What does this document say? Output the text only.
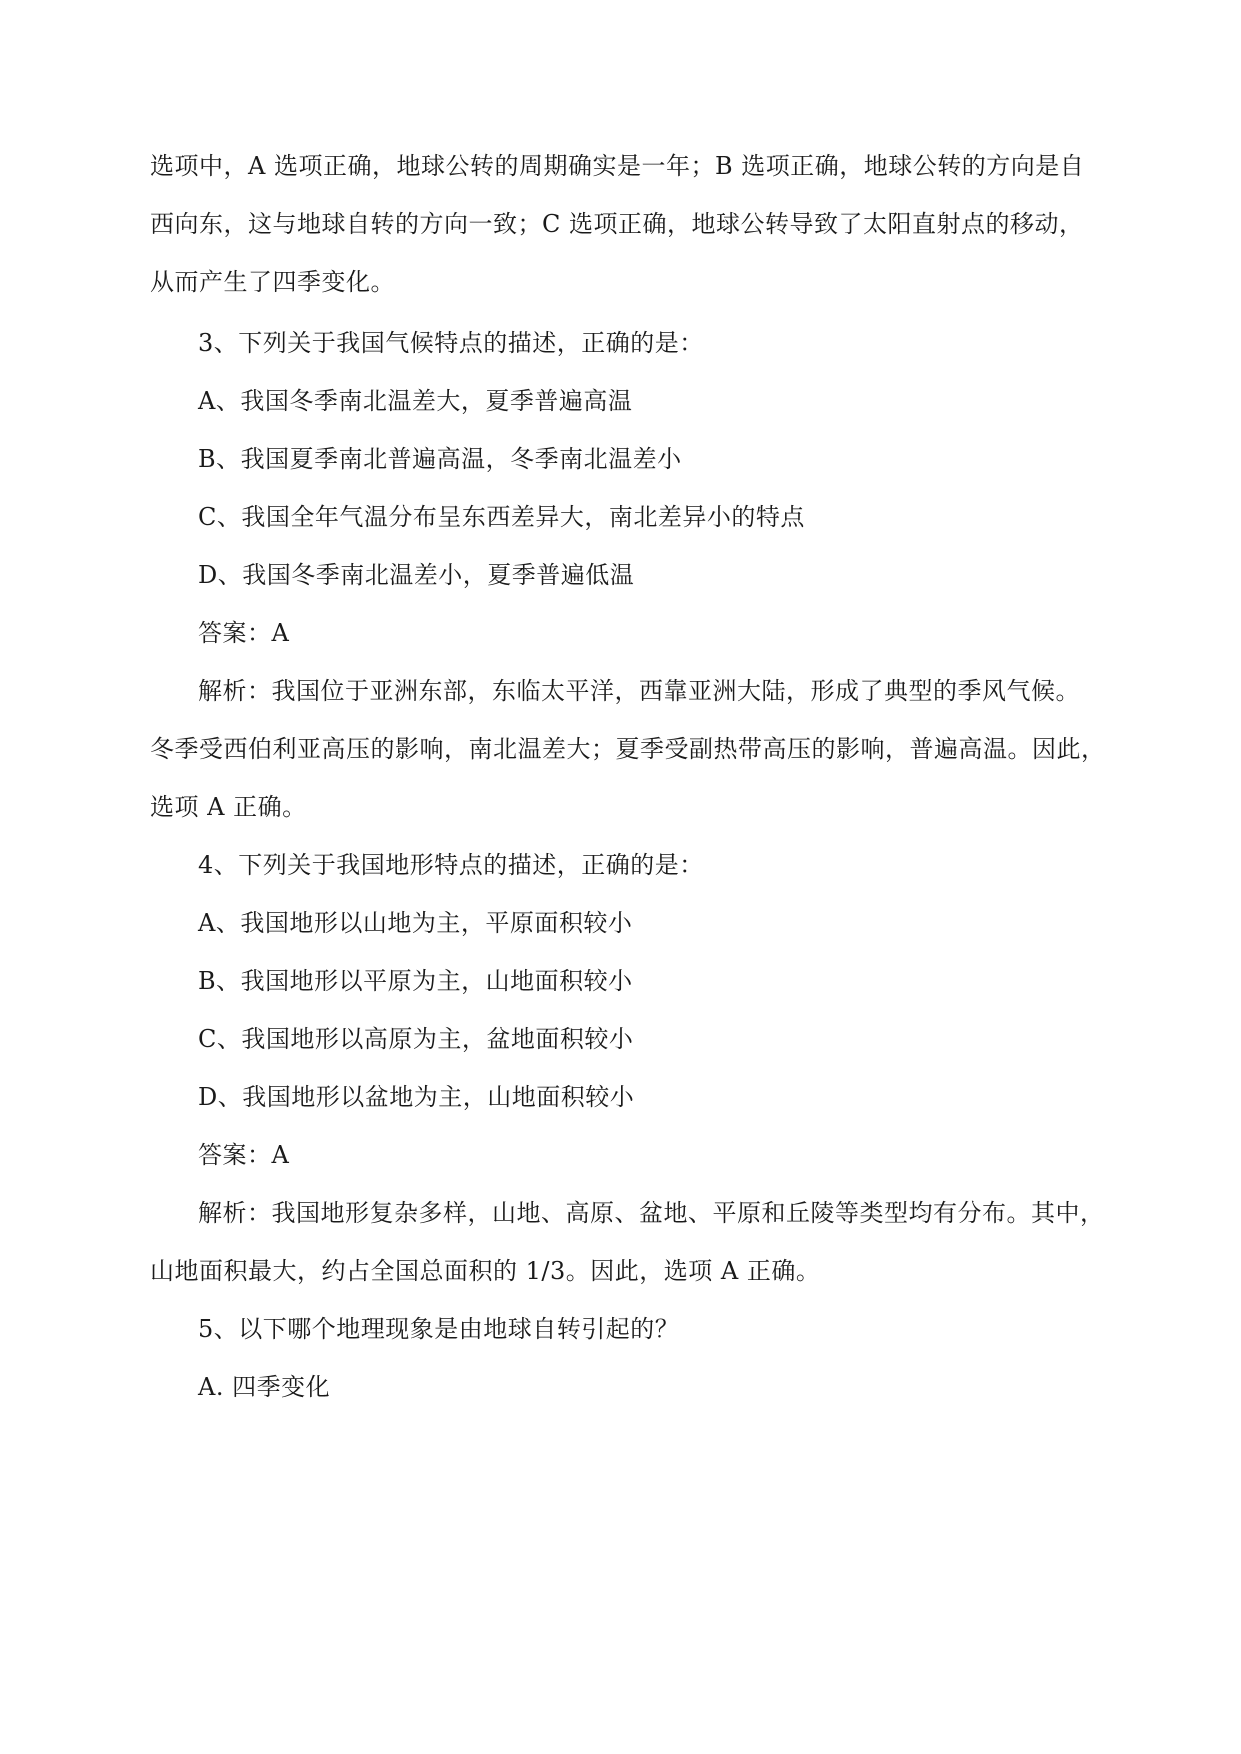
选项中，A 选项正确，地球公转的周期确实是一年；B 选项正确，地球公转的方向是自
西向东，这与地球自转的方向一致；C 选项正确，地球公转导致了太阳直射点的移动，
从而产生了四季变化。
3、下列关于我国气候特点的描述，正确的是：
A、我国冬季南北温差大，夏季普遍高温
B、我国夏季南北普遍高温，冬季南北温差小
C、我国全年气温分布呈东西差异大，南北差异小的特点
D、我国冬季南北温差小，夏季普遍低温
答案：A
解析：我国位于亚洲东部，东临太平洋，西靠亚洲大陆，形成了典型的季风气候。
冬季受西伯利亚高压的影响，南北温差大；夏季受副热带高压的影响，普遍高温。因此，
选项 A 正确。
4、下列关于我国地形特点的描述，正确的是：
A、我国地形以山地为主，平原面积较小
B、我国地形以平原为主，山地面积较小
C、我国地形以高原为主，盆地面积较小
D、我国地形以盆地为主，山地面积较小
答案：A
解析：我国地形复杂多样，山地、高原、盆地、平原和丘陵等类型均有分布。其中，
山地面积最大，约占全国总面积的 1/3。因此，选项 A 正确。
5、以下哪个地理现象是由地球自转引起的？
A. 四季变化
